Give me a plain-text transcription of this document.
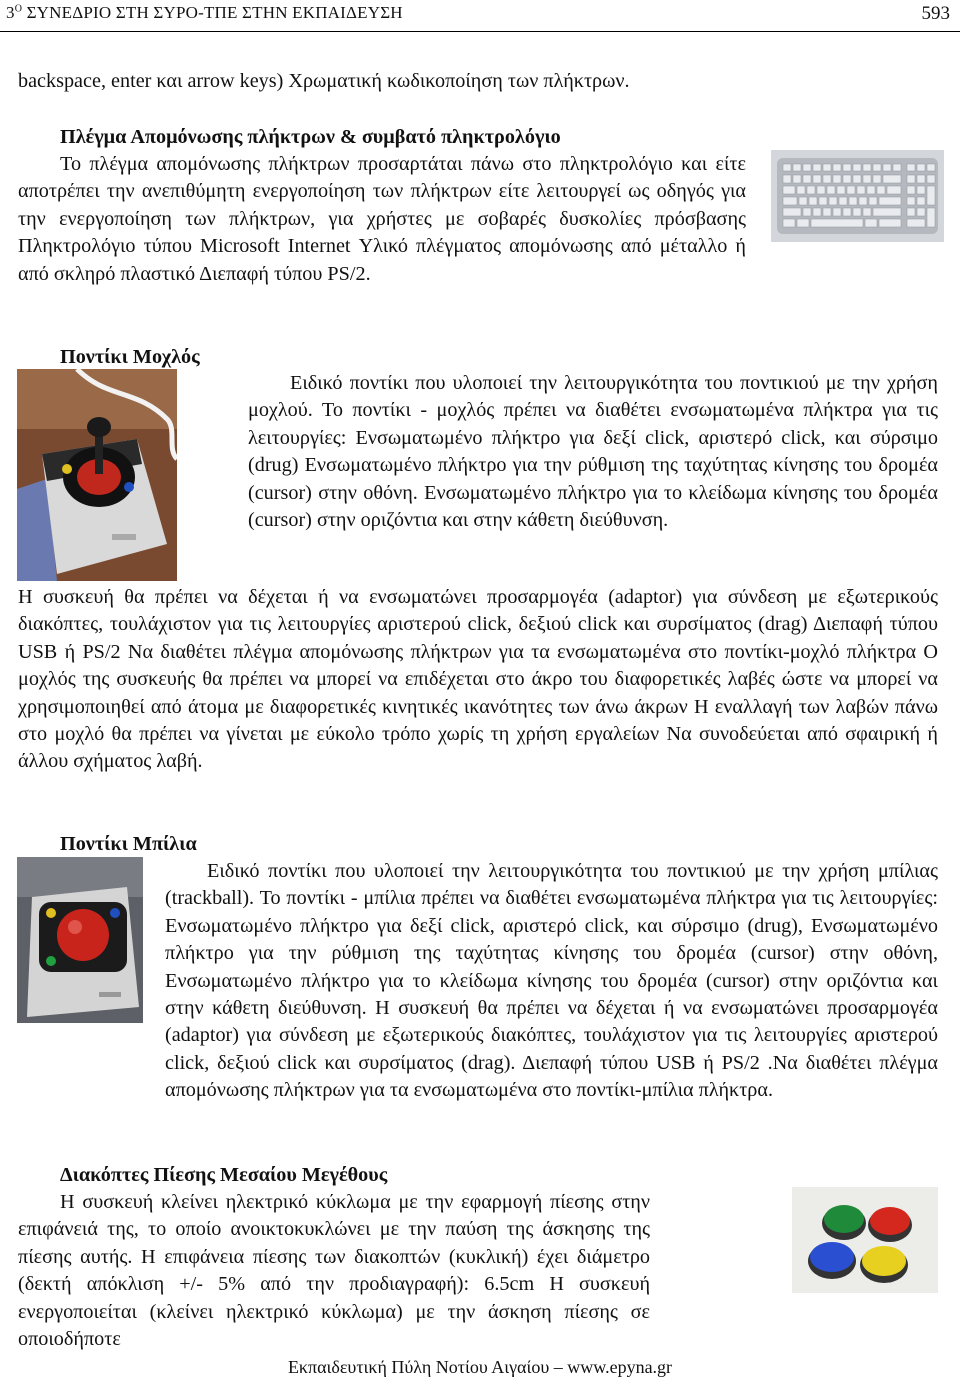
$3^O$ ΣΥΝΕΔΡΙΟ ΣΤΗ ΣΥΡΟ-ΤΠΕ ΣΤΗΝ ΕΚΠΑΙΔΕΥΣΗ	593

backspace, enter και arrow keys) Χρωματική κωδικοποίηση των πλήκτρων.

Πλέγμα Απομόνωσης πλήκτρων & συμβατό πληκτρολόγιο

Το πλέγμα απομόνωσης πλήκτρων προσαρτάται πάνω στο πληκτρολόγιο και είτε αποτρέπει την ανεπιθύμητη ενεργοποίηση των πλήκτρων είτε λειτουργεί ως οδηγός για την ενεργοποίηση των πλήκτρων, για χρήστες με σοβαρές δυσκολίες πρόσβασης Πληκτρολόγιο τύπου Microsoft Internet Υλικό πλέγματος απομόνωσης από μέταλλο ή από σκληρό πλαστικό Διεπαφή τύπου PS/2.

Ποντίκι Μοχλός

Ειδικό ποντίκι που υλοποιεί την λειτουργικότητα του ποντικιού με την χρήση μοχλού. Το ποντίκι - μοχλός πρέπει να διαθέτει ενσωματωμένα πλήκτρα για τις λειτουργίες: Ενσωματωμένο πλήκτρο για δεξί click, αριστερό click, και σύρσιμο (drug) Ενσωματωμένο πλήκτρο για την ρύθμιση της ταχύτητας κίνησης του δρομέα (cursor) στην οθόνη. Ενσωματωμένο πλήκτρο για το κλείδωμα κίνησης του δρομέα (cursor) στην οριζόντια και στην κάθετη διεύθυνση.

Η συσκευή θα πρέπει να δέχεται ή να ενσωματώνει προσαρμογέα (adaptor) για σύνδεση με εξωτερικούς διακόπτες, τουλάχιστον για τις λειτουργίες αριστερού click, δεξιού click και συρσίματος (drag) Διεπαφή τύπου USB ή PS/2 Να διαθέτει πλέγμα απομόνωσης πλήκτρων για τα ενσωματωμένα στο ποντίκι-μοχλό πλήκτρα Ο μοχλός της συσκευής θα πρέπει να μπορεί να επιδέχεται στο άκρο του διαφορετικές λαβές ώστε να μπορεί να χρησιμοποιηθεί από άτομα με διαφορετικές κινητικές ικανότητες των άνω άκρων Η εναλλαγή των λαβών πάνω στο μοχλό θα πρέπει να γίνεται με εύκολο τρόπο χωρίς τη χρήση εργαλείων Να συνοδεύεται από σφαιρική ή άλλου σχήματος λαβή.

Ποντίκι Μπίλια

Ειδικό ποντίκι που υλοποιεί την λειτουργικότητα του ποντικιού με την χρήση μπίλιας (trackball). Το ποντίκι - μπίλια πρέπει να διαθέτει ενσωματωμένα πλήκτρα για τις λειτουργίες: Ενσωματωμένο πλήκτρο για δεξί click, αριστερό click, και σύρσιμο (drug), Ενσωματωμένο πλήκτρο για την ρύθμιση της ταχύτητας κίνησης του δρομέα (cursor) στην οθόνη, Ενσωματωμένο πλήκτρο για το κλείδωμα κίνησης του δρομέα (cursor) στην οριζόντια και στην κάθετη διεύθυνση. Η συσκευή θα πρέπει να δέχεται ή να ενσωματώνει προσαρμογέα (adaptor) για σύνδεση με εξωτερικούς διακόπτες, τουλάχιστον για τις λειτουργίες αριστερού click, δεξιού click και συρσίματος (drag). Διεπαφή τύπου USB ή PS/2 .Να διαθέτει πλέγμα απομόνωσης πλήκτρων για τα ενσωματωμένα στο ποντίκι-μπίλια πλήκτρα.

Διακόπτες Πίεσης Μεσαίου Μεγέθους

Η συσκευή κλείνει ηλεκτρικό κύκλωμα με την εφαρμογή πίεσης στην επιφάνειά της, το οποίο ανοικτοκυκλώνει με την παύση της άσκησης της πίεσης αυτής. Η επιφάνεια πίεσης των διακοπτών (κυκλική) έχει διάμετρο (δεκτή απόκλιση +/- 5% από την προδιαγραφή): 6.5cm Η συσκευή ενεργοποιείται (κλείνει ηλεκτρικό κύκλωμα) με την άσκηση πίεσης σε οποιοδήποτε

Εκπαιδευτική Πύλη Νοτίου Αιγαίου – www.epyna.gr
